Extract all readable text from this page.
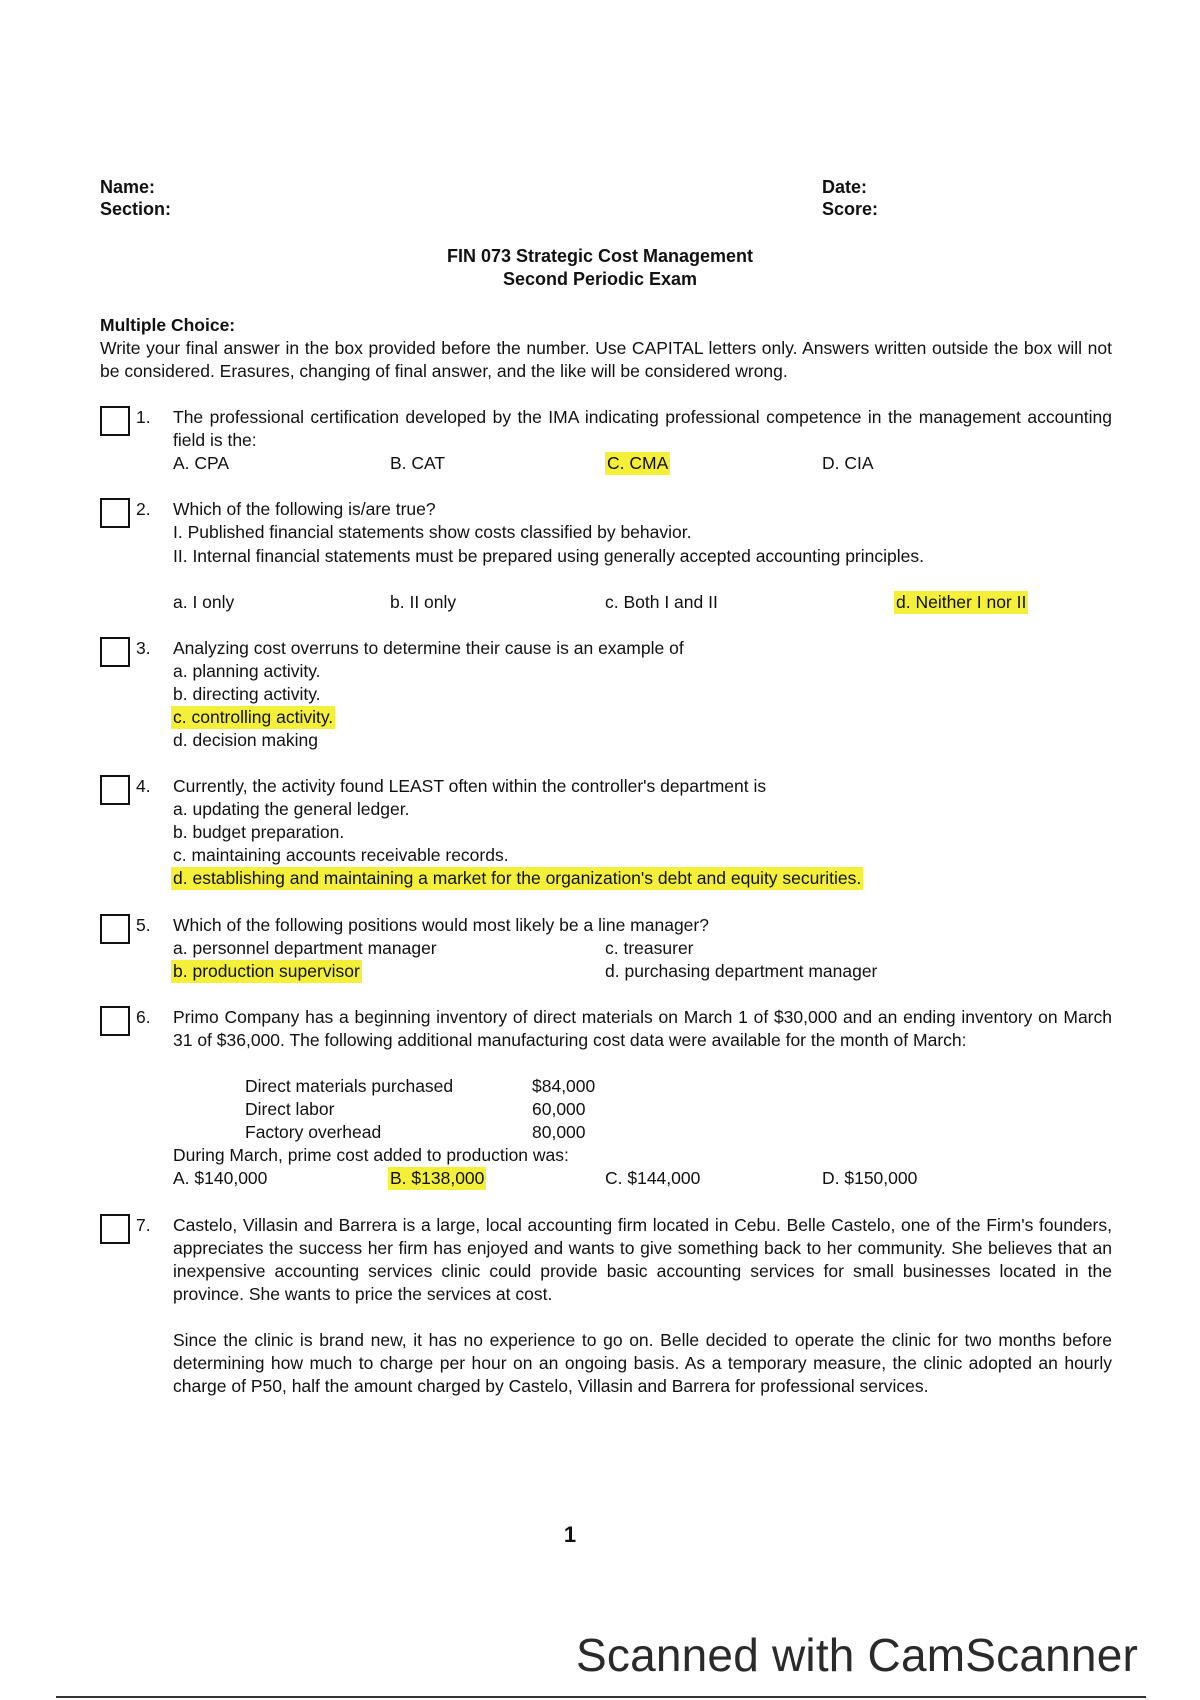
Name:
Section:
Date:
Score:
FIN 073 Strategic Cost Management
Second Periodic Exam
Multiple Choice:
Write your final answer in the box provided before the number. Use CAPITAL letters only. Answers written outside the box will not be considered. Erasures, changing of final answer, and the like will be considered wrong.
1. The professional certification developed by the IMA indicating professional competence in the management accounting field is the:
A. CPA	B. CAT	C. CMA	D. CIA
2. Which of the following is/are true?
I. Published financial statements show costs classified by behavior.
II. Internal financial statements must be prepared using generally accepted accounting principles.
a. I only	b. II only	c. Both I and II	d. Neither I nor II
3. Analyzing cost overruns to determine their cause is an example of
a. planning activity.
b. directing activity.
c. controlling activity.
d. decision making
4. Currently, the activity found LEAST often within the controller's department is
a. updating the general ledger.
b. budget preparation.
c. maintaining accounts receivable records.
d. establishing and maintaining a market for the organization's debt and equity securities.
5. Which of the following positions would most likely be a line manager?
a. personnel department manager
b. production supervisor
c. treasurer
d. purchasing department manager
6. Primo Company has a beginning inventory of direct materials on March 1 of $30,000 and an ending inventory on March 31 of $36,000. The following additional manufacturing cost data were available for the month of March:
Direct materials purchased	$84,000
Direct labor	60,000
Factory overhead	80,000
During March, prime cost added to production was:
A. $140,000	B. $138,000	C. $144,000	D. $150,000
7. Castelo, Villasin and Barrera is a large, local accounting firm located in Cebu. Belle Castelo, one of the Firm's founders, appreciates the success her firm has enjoyed and wants to give something back to her community. She believes that an inexpensive accounting services clinic could provide basic accounting services for small businesses located in the province. She wants to price the services at cost.
Since the clinic is brand new, it has no experience to go on. Belle decided to operate the clinic for two months before determining how much to charge per hour on an ongoing basis. As a temporary measure, the clinic adopted an hourly charge of P50, half the amount charged by Castelo, Villasin and Barrera for professional services.
1
Scanned with CamScanner
